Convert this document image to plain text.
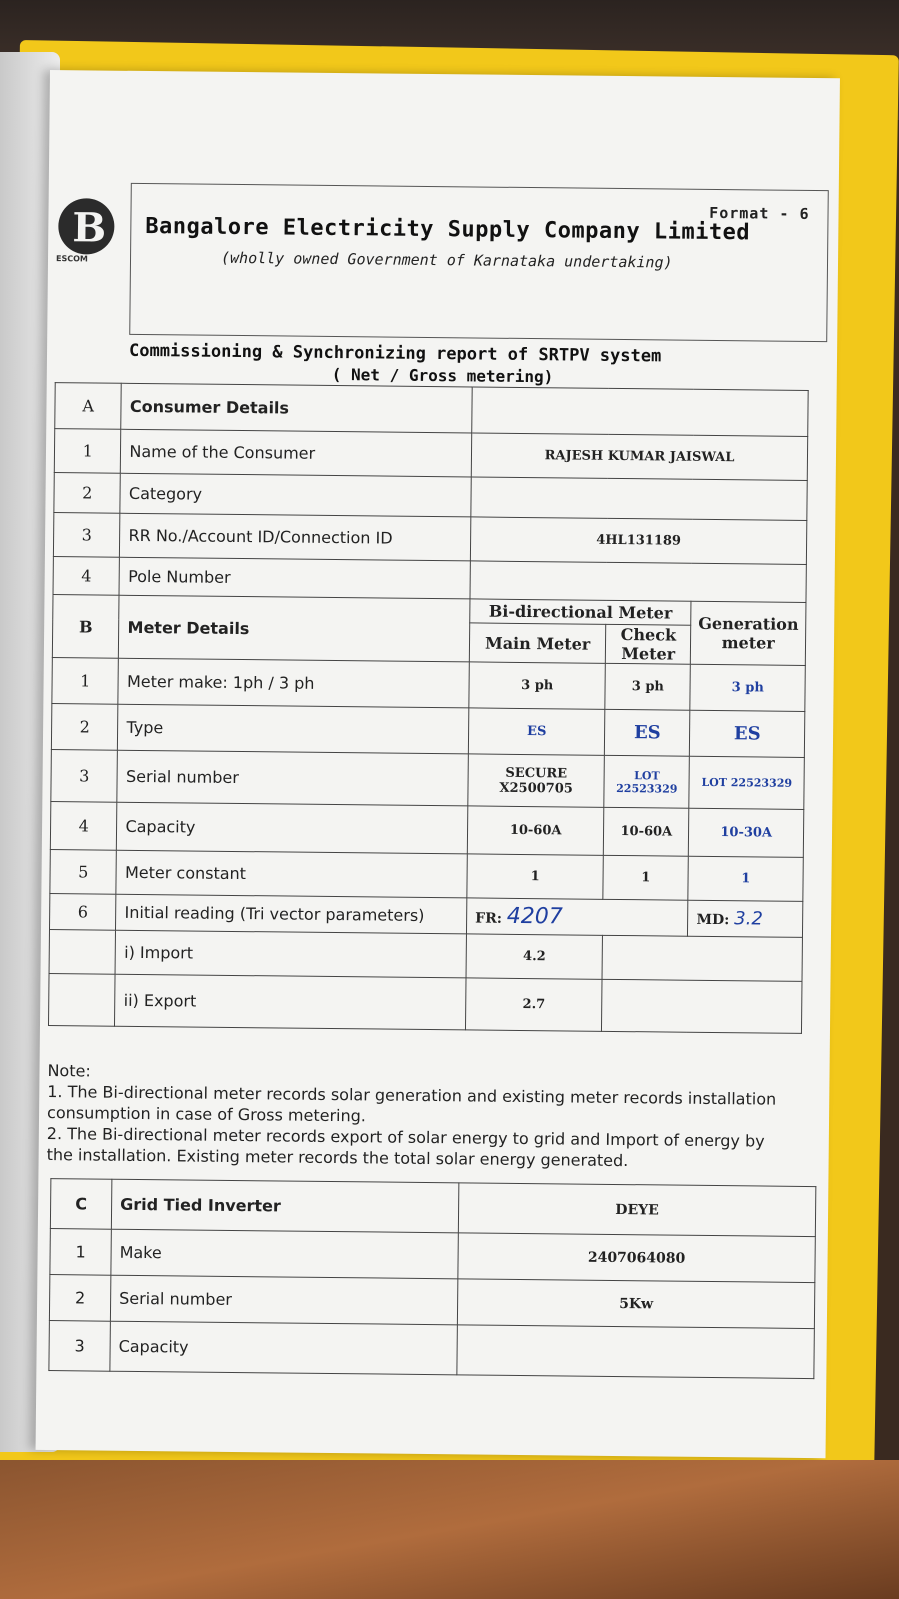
B
ESCOM
Format - 6
Bangalore Electricity Supply Company Limited
(wholly owned Government of Karnataka undertaking)
Commissioning & Synchronizing report of SRTPV system
( Net / Gross metering)
A	Consumer Details			
1	Name of the Consumer	RAJESH KUMAR JAISWAL		
2	Category			
3	RR No./Account ID/Connection ID	4HL131189		
4	Pole Number			
B	Meter Details	Bi-directional Meter		Generation meter
		Main Meter	Check Meter	
1	Meter make: 1ph / 3 ph	3 ph	3 ph	3 ph
2	Type	ES	ES	ES
3	Serial number	SECURE X2500705	LOT 22523329	LOT 22523329
4	Capacity	10-60A	10-60A	10-30A
5	Meter constant	1	1	1
6	Initial reading (Tri vector parameters)	FR: 4207		MD: 3.2
	i) Import	4.2		
	ii) Export	2.7		
Note:
1. The Bi-directional meter records solar generation and existing meter records installation consumption in case of Gross metering.
2. The Bi-directional meter records export of solar energy to grid and Import of energy by the installation. Existing meter records the total solar energy generated.
C	Grid Tied Inverter	DEYE
1	Make	2407064080
2	Serial number	5Kw
3	Capacity	
